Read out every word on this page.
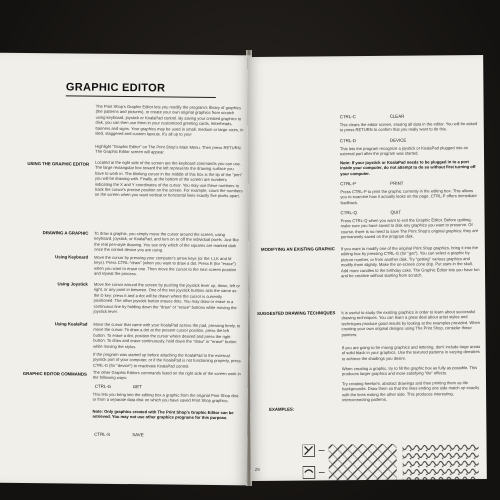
GRAPHIC EDITOR
The Print Shop's Graphic Editor lets you modify the program's library of graphics (the patterns and pictures), or create your own original graphics from scratch using keyboard, joystick or KoalaPad control. By saving your created graphics to disk, you can then use them in your customized greeting cards, letterheads, banners and signs. Your graphics may be used in small, medium or large sizes, in tiled, staggered and custom layouts. It's all up to you!
Highlight "Graphic Editor" on The Print Shop's Main Menu. Then press RETURN. The Graphic Editor screen will appear.
USING THE GRAPHIC EDITOR Located at the right side of the screen are the keyboard commands you can use. The large rectangular box toward the left represents the drawing surface you have to work in. The blinking cursor in the middle of this box is the tip of the "pen" you will be drawing with. Finally, at the bottom of the screen are numbers indicating the X and Y coordinates of the cursor. You may use these numbers to track the cursor's precise position on the screen. For example, count the numbers on the screen when you want vertical or horizontal lines exactly five pixels apart.
DRAWING A GRAPHIC To draw a graphic, you simply move the cursor around the screen, using keyboard, joystick, or KoalaPad, and turn on or off the individual pixels. Just like the real pen-style drawing. You see only which of the squares are marked dark once the control device you are using.
Using Keyboard Move the cursor by pressing your computer's arrow keys (or the I,J,K and M keys). Press CTRL-"draw" (when you want to draw a dot. Press E (for "erase") when you want to erase one. Then move the cursor to the next screen position and repeat the process.
Using Joystick Move the cursor around the screen by pushing the joystick lever up, down, left or right, or any point in between. One of the two joystick buttons acts the same as the D key: press it and a dot will be drawn where the cursor is currently positioned. The other joystick button erases dots. You may draw or erase in a continuous line by holding down the "draw" or "erase" buttons while moving the joystick lever.
Using KoalaPad Move the cursor that came with your KoalaPad across the pad, pressing firmly, to move the cursor. To draw a dot at the present cursor position, press the left button. To erase a dot, position the cursor where desired and press the right button. To draw and erase continuously, hold down the "draw" or "erase" button while moving the stylus.
If the program was started up before attaching the KoalaPad to the external joystick port of your computer, or if the KoalaPad is not functioning properly, press CTRL-D (for "device") to reactivate KoalaPad control.
GRAPHIC EDITOR COMMANDS The other Graphic Editors commands listed on the right side of the screen work in the following ways:
CTRL-G	GET
This lets you bring into the editing box a graphic from the original Print Shop disk or from a separate data disk on which you have saved Print Shop graphics.
Note: Only graphics created with The Print Shop's Graphic Editor can be retrieved. You may not use other graphics programs for this purpose.
CTRL-S	SAVE
CTRL-C	CLEAR
This clears the editor screen, erasing all data in the editor. You will be asked to press RETURN to confirm that you really want to do this.
CTRL-D	DEVICE
This lets the program recognize a joystick or KoalaPad plugged into an external port after the program was started.
Note: If your joystick or KoalaPad needs to be plugged in to a port inside your computer, do not attempt to do so without first turning off your computer.
CTRL-P	PRINT
Press CTRL-P to print the graphic currently in the editing box. This allows you to examine how it actually looks on the page. CTRL-P offers immediate feedback.
CTRL-Q	QUIT
Press CTRL-Q when you want to exit the Graphic Editor. Before quitting, make sure you have saved to disk any graphics you want to preserve. Of course, there is no need to save The Print Shop's original graphics; they are permanently saved on the program disk.
MODIFYING AN EXISTING GRAPHIC If you want to modify one of the original Print Shop graphics, bring it into the editing box by pressing CTRL-G (for "get"). You can select a graphic by picture number, or from another disk. Try "getting" various graphics and modify them slightly. Make the on-screen cone drip. Put stars in the skull. Add more candles to the birthday cake. The Graphic Editor lets you have fun and be creative without starting from scratch.
SUGGESTED DRAWING TECHNIQUES It is useful to study the existing graphics in order to learn about successful drawing techniques. You can learn a great deal about artist styles and techniques produce good results by looking at the examples provided. When creating your own original designs using The Print Shop, consider these pointers:
If you are going to be mixing graphics and lettering, don't include large areas of solid black in your graphics. Use the textured patterns in varying densities to achieve the shadings you desire.
When creating a graphic, try to fill the graphic box as fully as possible. This produces larger graphics and more satisfying "tile" effects.
Try creating freeform, abstract drawings and then printing them as tile backgrounds. Draw them so that the lines ending one side match up exactly with the lines exiting the other side. This produces interesting, interconnecting patterns.
EXAMPLES:
29
